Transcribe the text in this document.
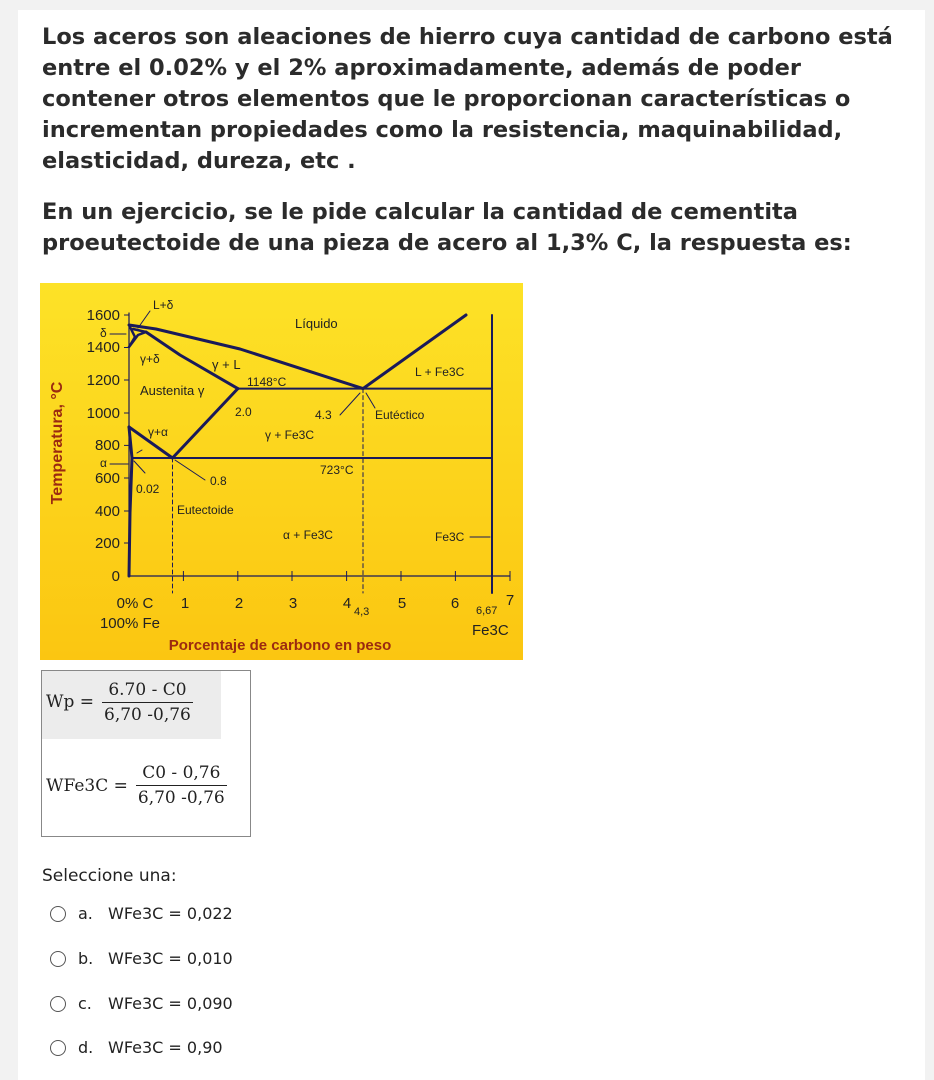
Los aceros son aleaciones de hierro cuya cantidad de carbono está entre el 0.02% y el 2% aproximadamente, además de poder contener otros elementos que le proporcionan características o incrementan propiedades como la resistencia, maquinabilidad, elasticidad, dureza, etc .

En un ejercicio, se le pide calcular la cantidad de cementita proeutectoide de una pieza de acero al 1,3% C, la respuesta es:

1600
1400
1200
1000
800
600
400
200
0
0% C 1	2	3	4	5	6	7
100% Fe
Porcentaje de carbono en peso
Temperatura, °C
L+δ
δ
γ+δ
Líquido
γ + L
1148°C
L + Fe3C
Austenita γ
2.0	4.3	Eutéctico
γ+α	γ + Fe3C
α	723°C
0.02
0.8
Eutectoide
α + Fe3C	Fe3C
4,3	6,67
Fe3C
$Wp = \frac{6.70 - C0}{6,70 -0,76}$
$WFe3C = \frac{C0 - 0,76}{6,70 -0,76}$
Seleccione una:
a. WFe3C = 0,022
b. WFe3C = 0,010
c.	WFe3C = 0,090
d. WFe3C = 0,90
